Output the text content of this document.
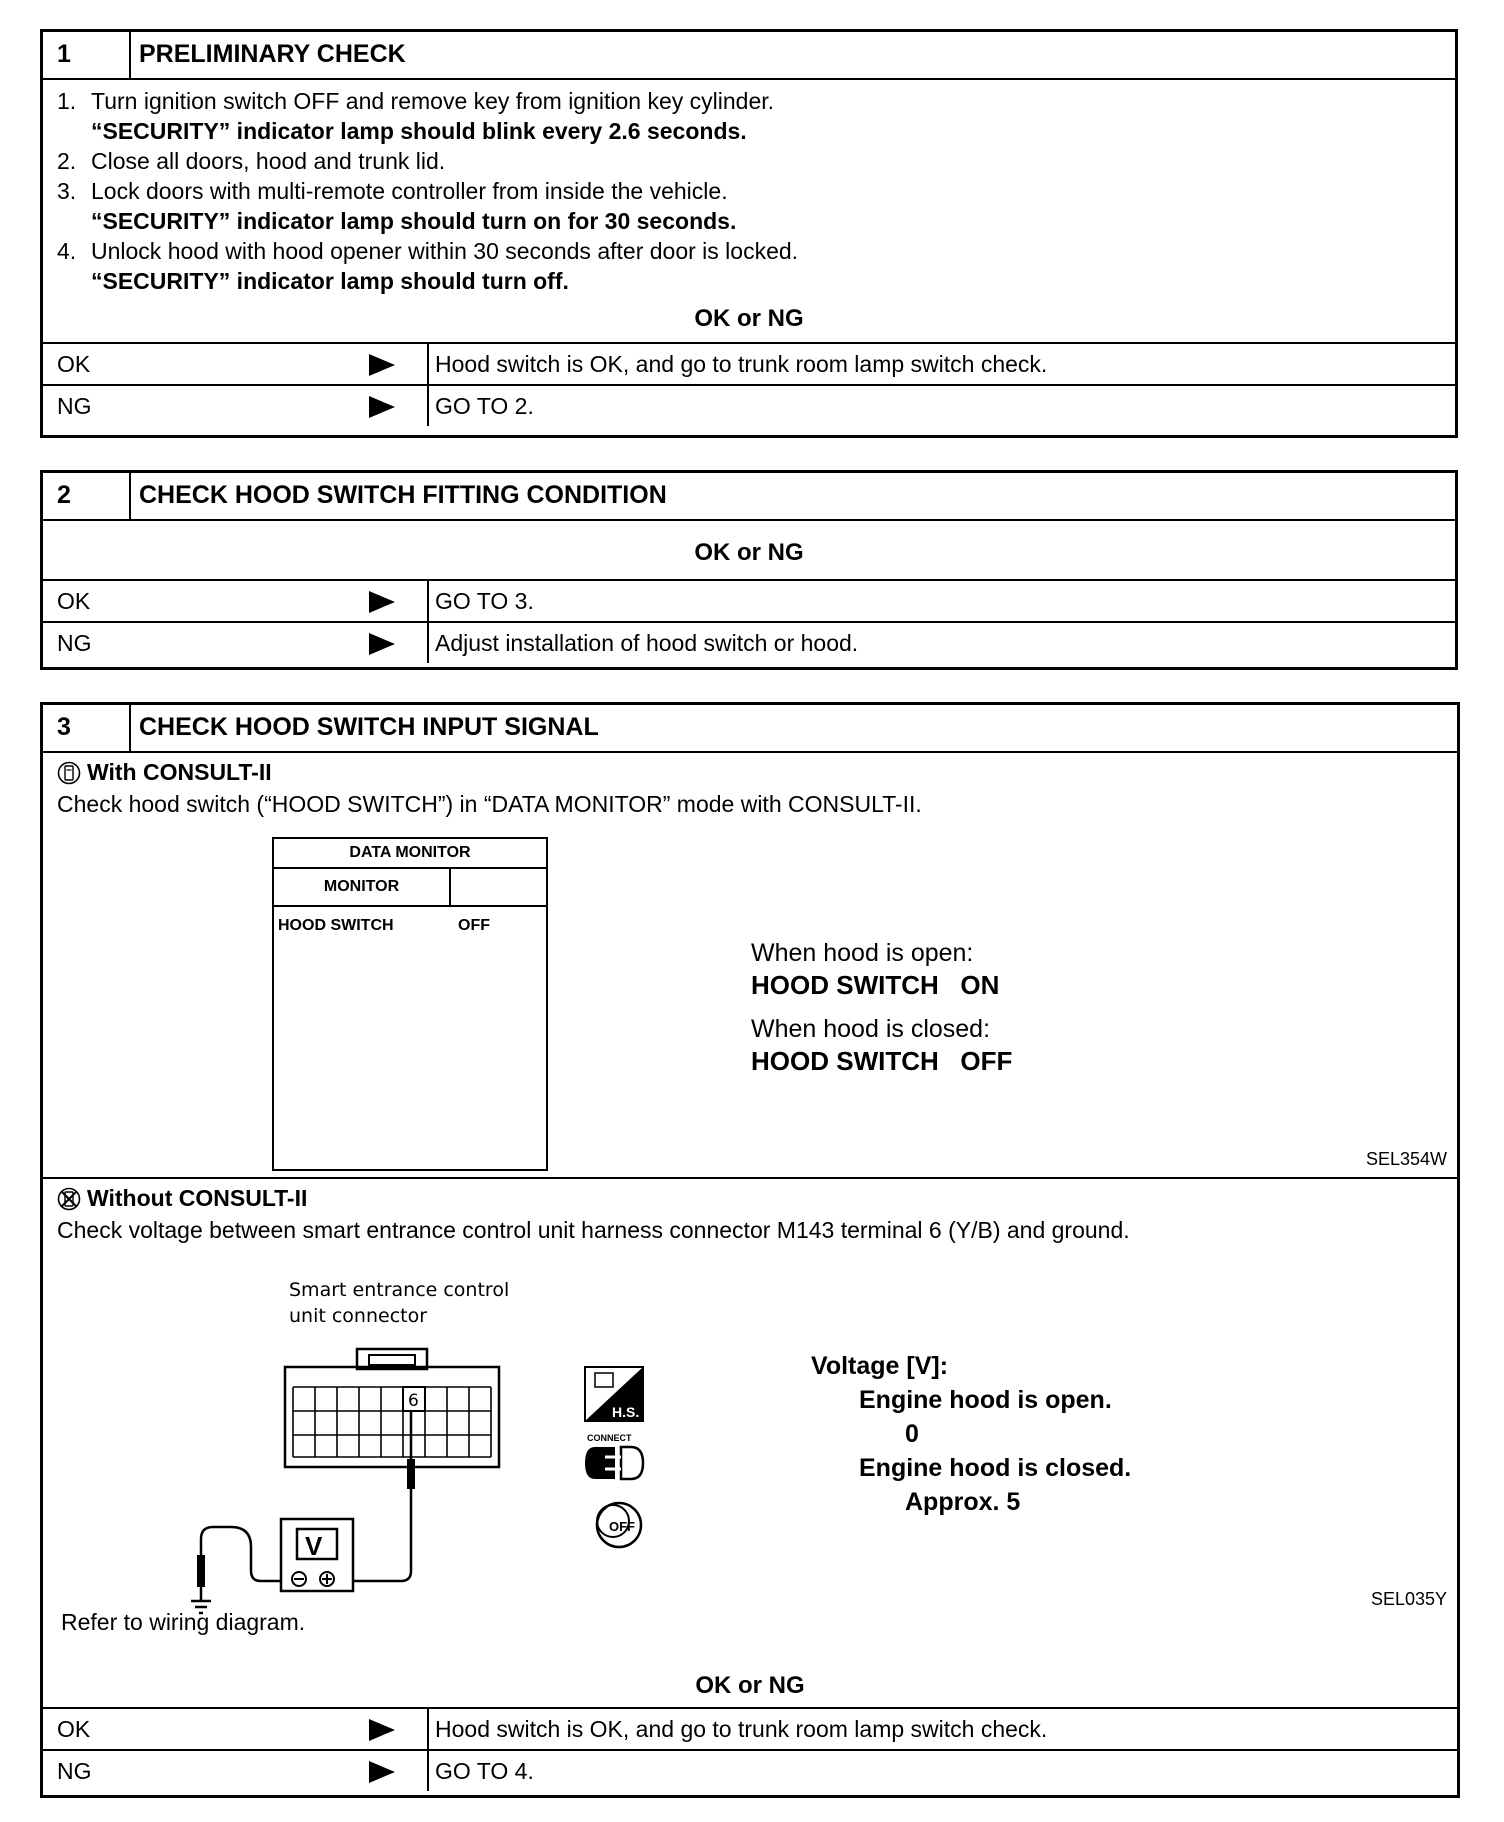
1	PRELIMINARY CHECK
1. Turn ignition switch OFF and remove key from ignition key cylinder.
“SECURITY” indicator lamp should blink every 2.6 seconds.
2. Close all doors, hood and trunk lid.
3. Lock doors with multi-remote controller from inside the vehicle.
“SECURITY” indicator lamp should turn on for 30 seconds.
4. Unlock hood with hood opener within 30 seconds after door is locked.
“SECURITY” indicator lamp should turn off.
OK or NG
OK	Hood switch is OK, and go to trunk room lamp switch check.
NG	GO TO 2.
2	CHECK HOOD SWITCH FITTING CONDITION
OK or NG
OK	GO TO 3.
NG	Adjust installation of hood switch or hood.
3	CHECK HOOD SWITCH INPUT SIGNAL
With CONSULT-II
Check hood switch (“HOOD SWITCH”) in “DATA MONITOR” mode with CONSULT-II.
DATA MONITOR
MONITOR
HOOD SWITCH	OFF
When hood is open:
HOOD SWITCH   ON
When hood is closed:
HOOD SWITCH   OFF
SEL354W
Without CONSULT-II
Check voltage between smart entrance control unit harness connector M143 terminal 6 (Y/B) and ground.
Smart entrance control
unit connector
6
V
H.S.
CONNECT
OFF
Voltage [V]:
Engine hood is open.
0
Engine hood is closed.
Approx. 5
SEL035Y
Refer to wiring diagram.
OK or NG
OK	Hood switch is OK, and go to trunk room lamp switch check.
NG	GO TO 4.
